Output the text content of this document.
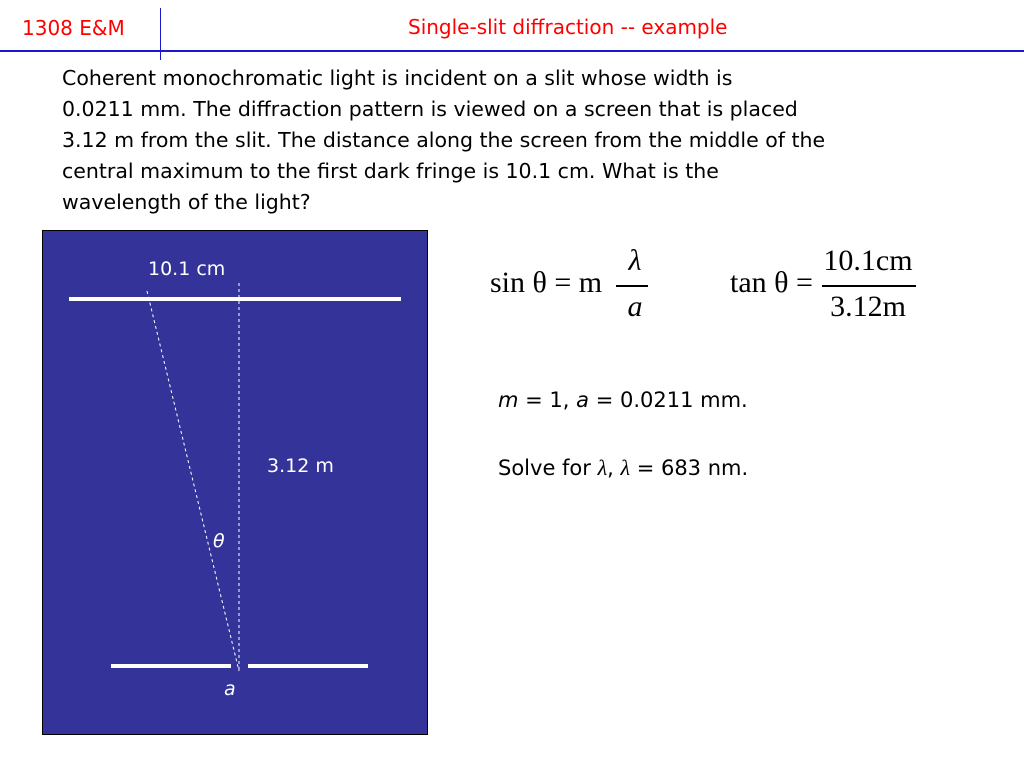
1308 E&M	Single-slit diffraction -- example
Coherent monochromatic light is incident on a slit whose width is
0.0211 mm. The diffraction pattern is viewed on a screen that is placed
3.12 m from the slit. The distance along the screen from the middle of the
central maximum to the first dark fringe is 10.1 cm. What is the
wavelength of the light?
10.1 cm
3.12 m
θ
a
sin θ = m
λ
a
tan θ =
10.1cm
3.12m
m = 1, a = 0.0211 mm.
Solve for λ, λ = 683 nm.
